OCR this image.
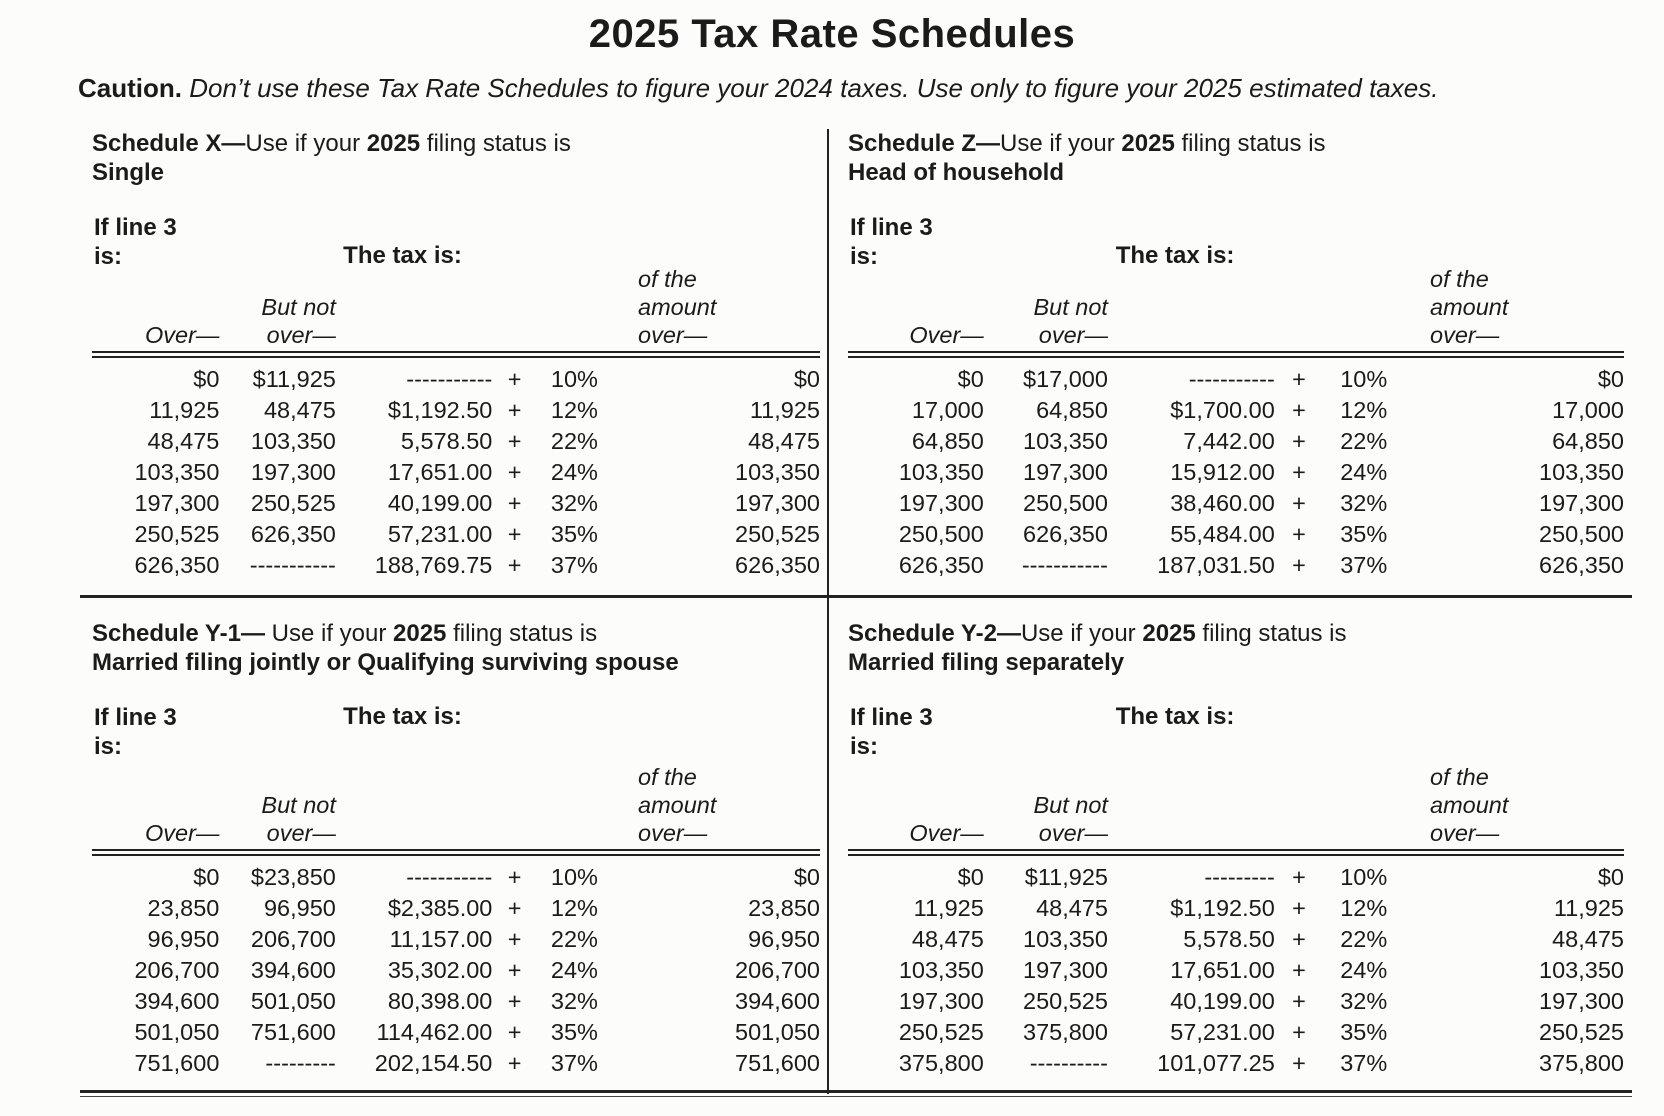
2025 Tax Rate Schedules

Caution. Don’t use these Tax Rate Schedules to figure your 2024 taxes. Use only to figure your 2025 estimated taxes.

Schedule X—Use if your 2025 filing status is
Single
If line 3
is:	The tax is:
Over—
But not
over—
of the
amount
over—
$0	$11,925	-----------	+	10%	$0
11,925	48,475	$1,192.50	+	12%	11,925
48,475	103,350	5,578.50	+	22%	48,475
103,350	197,300	17,651.00	+	24%	103,350
197,300	250,525	40,199.00	+	32%	197,300
250,525	626,350	57,231.00	+	35%	250,525
626,350	-----------	188,769.75	+	37%	626,350
Schedule Z—Use if your 2025 filing status is
Head of household
If line 3
is:	The tax is:
Over—
But not
over—
of the
amount
over—
$0	$17,000	-----------	+	10%	$0
17,000	64,850	$1,700.00	+	12%	17,000
64,850	103,350	7,442.00	+	22%	64,850
103,350	197,300	15,912.00	+	24%	103,350
197,300	250,500	38,460.00	+	32%	197,300
250,500	626,350	55,484.00	+	35%	250,500
626,350	-----------	187,031.50	+	37%	626,350
Schedule Y-1— Use if your 2025 filing status is
Married filing jointly or Qualifying surviving spouse
If line 3
is:
The tax is:
Over—
But not
over—
of the
amount
over—
$0	$23,850	-----------	+	10%	$0
23,850	96,950	$2,385.00	+	12%	23,850
96,950	206,700	11,157.00	+	22%	96,950
206,700	394,600	35,302.00	+	24%	206,700
394,600	501,050	80,398.00	+	32%	394,600
501,050	751,600	114,462.00	+	35%	501,050
751,600	---------	202,154.50	+	37%	751,600
Schedule Y-2—Use if your 2025 filing status is
Married filing separately
If line 3
is:
The tax is:
Over—
But not
over—
of the
amount
over—
$0	$11,925	---------	+	10%	$0
11,925	48,475	$1,192.50	+	12%	11,925
48,475	103,350	5,578.50	+	22%	48,475
103,350	197,300	17,651.00	+	24%	103,350
197,300	250,525	40,199.00	+	32%	197,300
250,525	375,800	57,231.00	+	35%	250,525
375,800	----------	101,077.25	+	37%	375,800
